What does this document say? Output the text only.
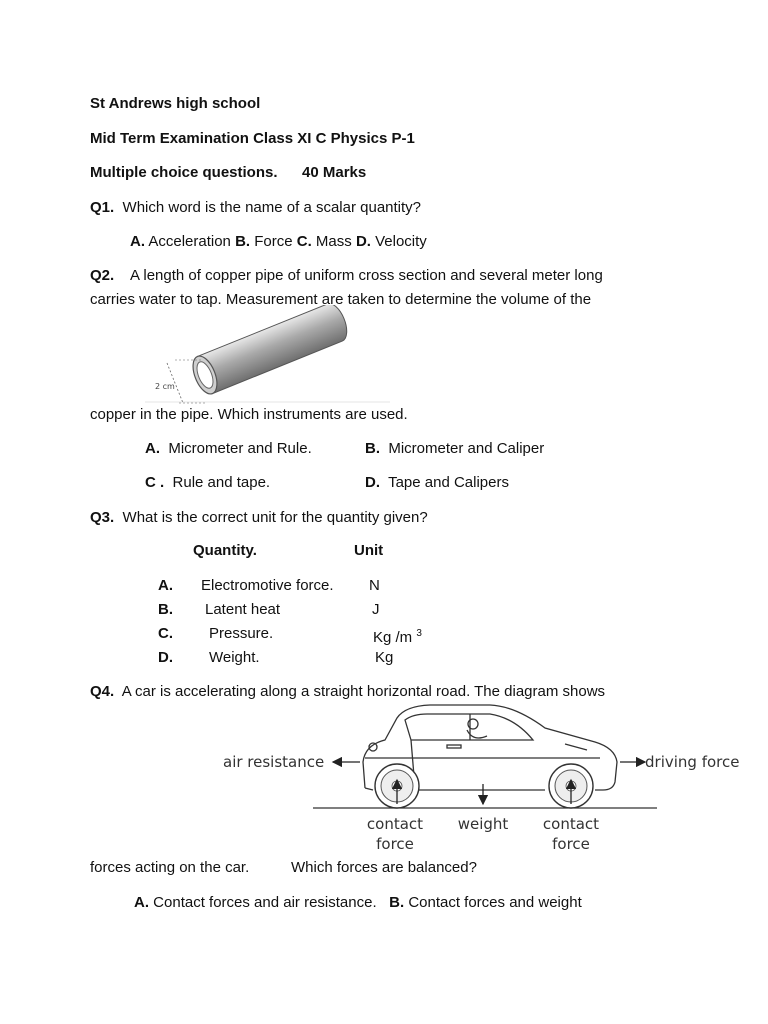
St Andrews high school
Mid Term Examination Class XI C Physics P-1
Multiple choice questions. 40 Marks
Q1. Which word is the name of a scalar quantity?
A. Acceleration B. Force C. Mass D. Velocity
Q2. A length of copper pipe of uniform cross section and several meter long
carries water to tap. Measurement are taken to determine the volume of the
2 cm
copper in the pipe. Which instruments are used.
A. Micrometer and Rule.	B. Micrometer and Caliper
C . Rule and tape.	D. Tape and Calipers
Q3. What is the correct unit for the quantity given?
Quantity.	Unit
A. Electromotive force. N
B. Latent heat	J
C. Pressure.	Kg /m $^3$
D. Weight.	Kg
Q4. A car is accelerating along a straight horizontal road. The diagram shows
air resistance	driving force
contact
force
weight contact
force
forces acting on the car.	Which forces are balanced?
A. Contact forces and air resistance. B. Contact forces and weight
